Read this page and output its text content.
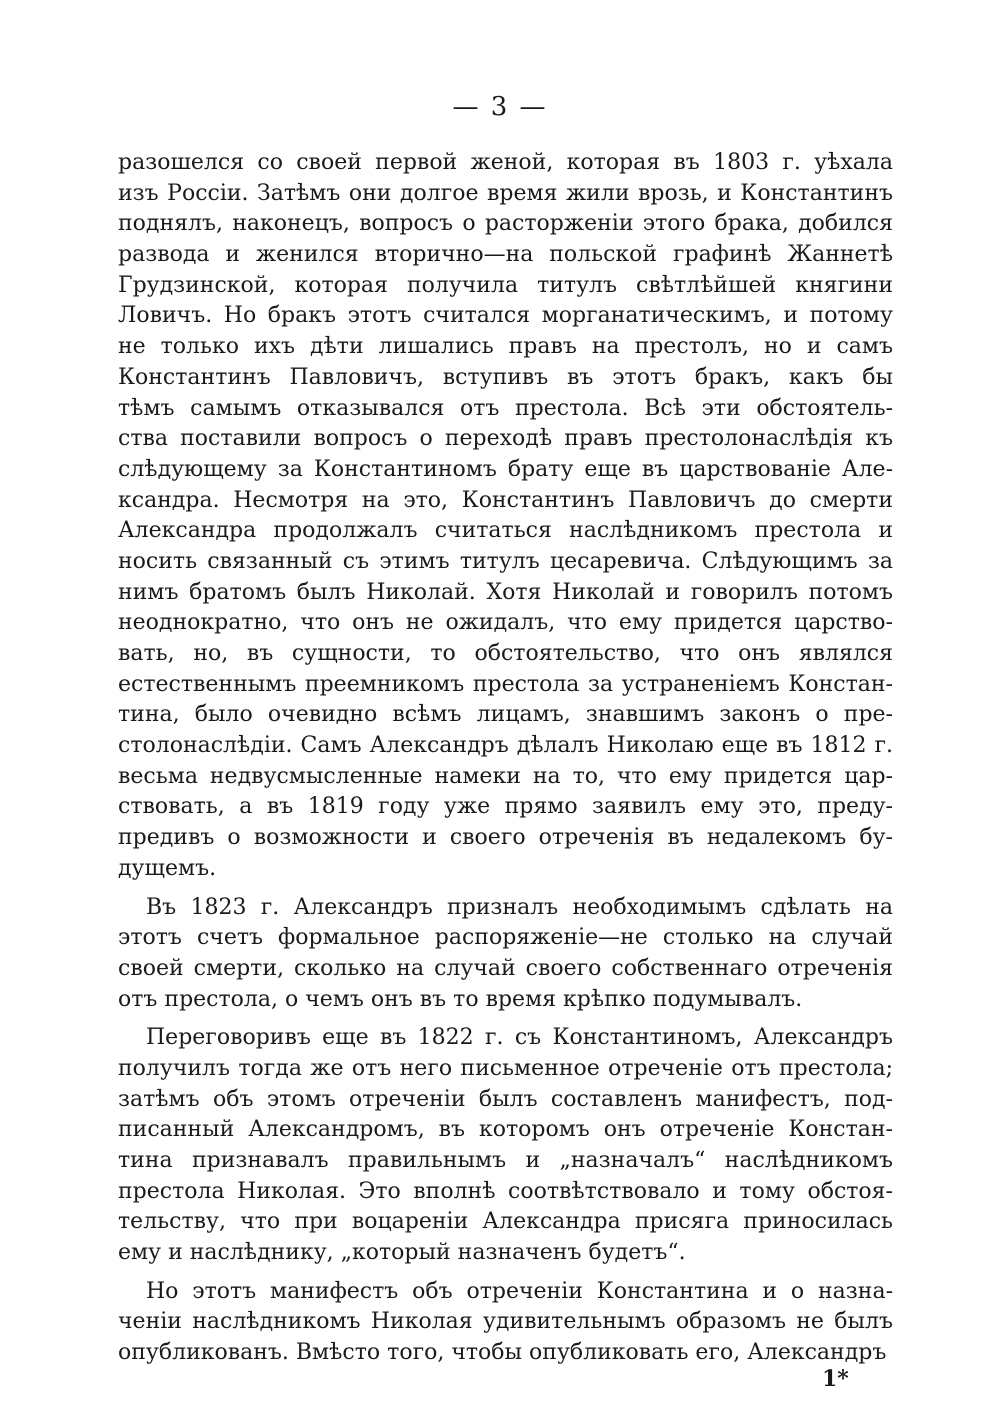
— 3 —
разошелся со своей первой женой, которая въ 1803 г. уѣхала
изъ Россіи. Затѣмъ они долгое время жили врозь, и Константинъ
поднялъ, наконецъ, вопросъ о расторженіи этого брака, добился
развода и женился вторично—на польской графинѣ Жаннетѣ
Грудзинской, которая получила титулъ свѣтлѣйшей княгини
Ловичъ. Но бракъ этотъ считался морганатическимъ, и потому
не только ихъ дѣти лишались правъ на престолъ, но и самъ
Константинъ Павловичъ, вступивъ въ этотъ бракъ, какъ бы
тѣмъ самымъ отказывался отъ престола. Всѣ эти обстоятель-
ства поставили вопросъ о переходѣ правъ престолонаслѣдія къ
слѣдующему за Константиномъ брату еще въ царствованіе Але-
ксандра. Несмотря на это, Константинъ Павловичъ до смерти
Александра продолжалъ считаться наслѣдникомъ престола и
носить связанный съ этимъ титулъ цесаревича. Слѣдующимъ за
нимъ братомъ былъ Николай. Хотя Николай и говорилъ потомъ
неоднократно, что онъ не ожидалъ, что ему придется царство-
вать, но, въ сущности, то обстоятельство, что онъ являлся
естественнымъ преемникомъ престола за устраненіемъ Констан-
тина, было очевидно всѣмъ лицамъ, знавшимъ законъ о пре-
столонаслѣдіи. Самъ Александръ дѣлалъ Николаю еще въ 1812 г.
весьма недвусмысленные намеки на то, что ему придется цар-
ствовать, а въ 1819 году уже прямо заявилъ ему это, преду-
предивъ о возможности и своего отреченія въ недалекомъ бу-
дущемъ.
Въ 1823 г. Александръ призналъ необходимымъ сдѣлать на
этотъ счетъ формальное распоряженіе—не столько на случай
своей смерти, сколько на случай своего собственнаго отреченія
отъ престола, о чемъ онъ въ то время крѣпко подумывалъ.
Переговоривъ еще въ 1822 г. съ Константиномъ, Александръ
получилъ тогда же отъ него письменное отреченіе отъ престола;
затѣмъ объ этомъ отреченіи былъ составленъ манифестъ, под-
писанный Александромъ, въ которомъ онъ отреченіе Констан-
тина признавалъ правильнымъ и „назначалъ“ наслѣдникомъ
престола Николая. Это вполнѣ соотвѣтствовало и тому обстоя-
тельству, что при воцареніи Александра присяга приносилась
ему и наслѣднику, „который назначенъ будетъ“.
Но этотъ манифестъ объ отреченіи Константина и о назна-
ченіи наслѣдникомъ Николая удивительнымъ образомъ не былъ
опубликованъ. Вмѣсто того, чтобы опубликовать его, Александръ
1*
